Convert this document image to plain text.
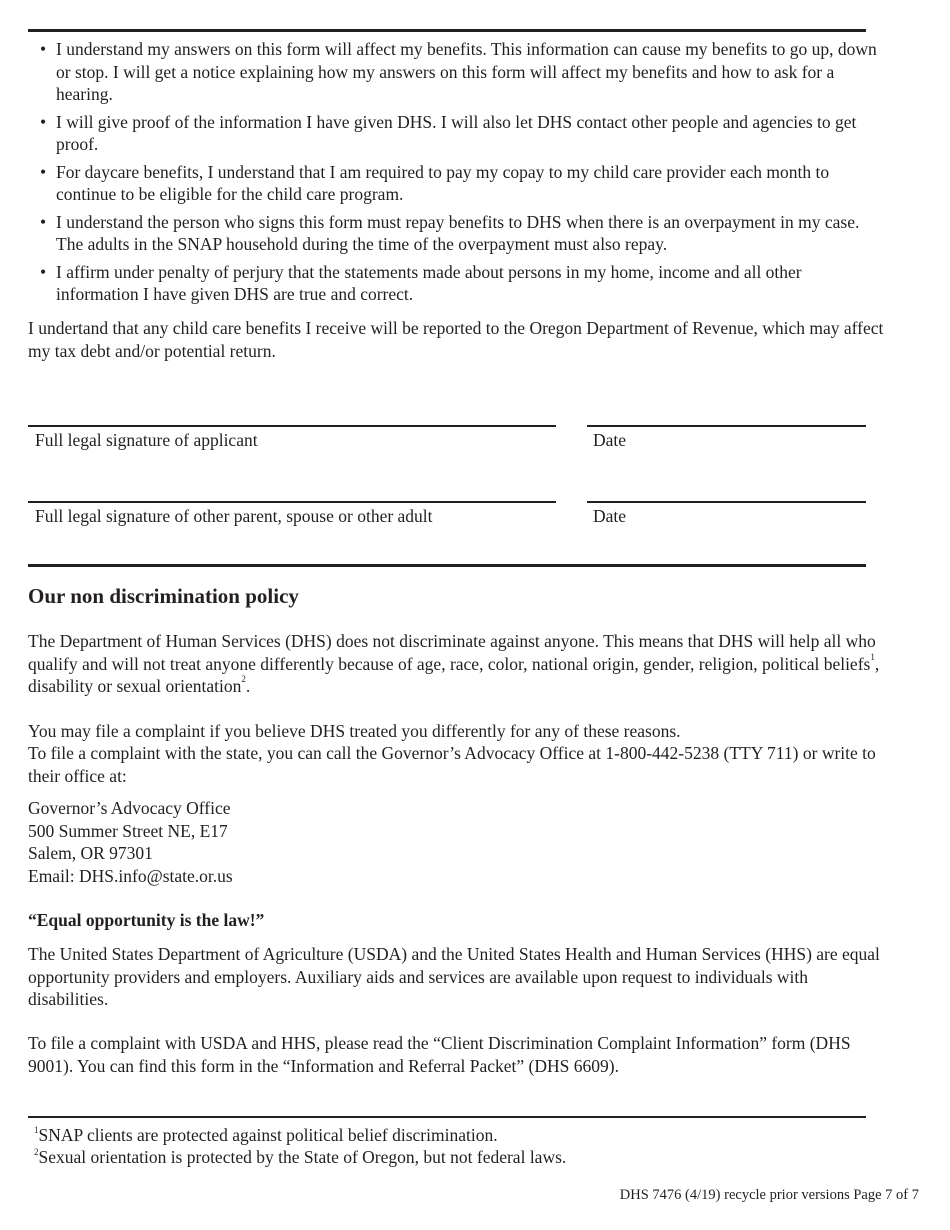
• I understand my answers on this form will affect my benefits. This information can cause my benefits to go up, down or stop. I will get a notice explaining how my answers on this form will affect my benefits and how to ask for a hearing.
• I will give proof of the information I have given DHS. I will also let DHS contact other people and agencies to get proof.
• For daycare benefits, I understand that I am required to pay my copay to my child care provider each month to continue to be eligible for the child care program.
• I understand the person who signs this form must repay benefits to DHS when there is an overpayment in my case. The adults in the SNAP household during the time of the overpayment must also repay.
• I affirm under penalty of perjury that the statements made about persons in my home, income and all other information I have given DHS are true and correct.

I undertand that any child care benefits I receive will be reported to the Oregon Department of Revenue, which may affect my tax debt and/or potential return.

Full legal signature of applicant	Date

Full legal signature of other parent, spouse or other adult	Date

Our non discrimination policy

The Department of Human Services (DHS) does not discriminate against anyone. This means that DHS will help all who qualify and will not treat anyone differently because of age, race, color, national origin, gender, religion, political beliefs$^1$, disability or sexual orientation$^2$.

You may file a complaint if you believe DHS treated you differently for any of these reasons.

To file a complaint with the state, you can call the Governor’s Advocacy Office at 1-800-442-5238 (TTY 711) or write to their office at:

Governor’s Advocacy Office
500 Summer Street NE, E17
Salem, OR 97301
Email: DHS.info@state.or.us

“Equal opportunity is the law!”

The United States Department of Agriculture (USDA) and the United States Health and Human Services (HHS) are equal opportunity providers and employers. Auxiliary aids and services are available upon request to individuals with disabilities.

To file a complaint with USDA and HHS, please read the “Client Discrimination Complaint Information” form (DHS 9001). You can find this form in the “Information and Referral Packet” (DHS 6609).

$^1$SNAP clients are protected against political belief discrimination.

$^2$Sexual orientation is protected by the State of Oregon, but not federal laws.

DHS 7476 (4/19) recycle prior versions Page 7 of 7
